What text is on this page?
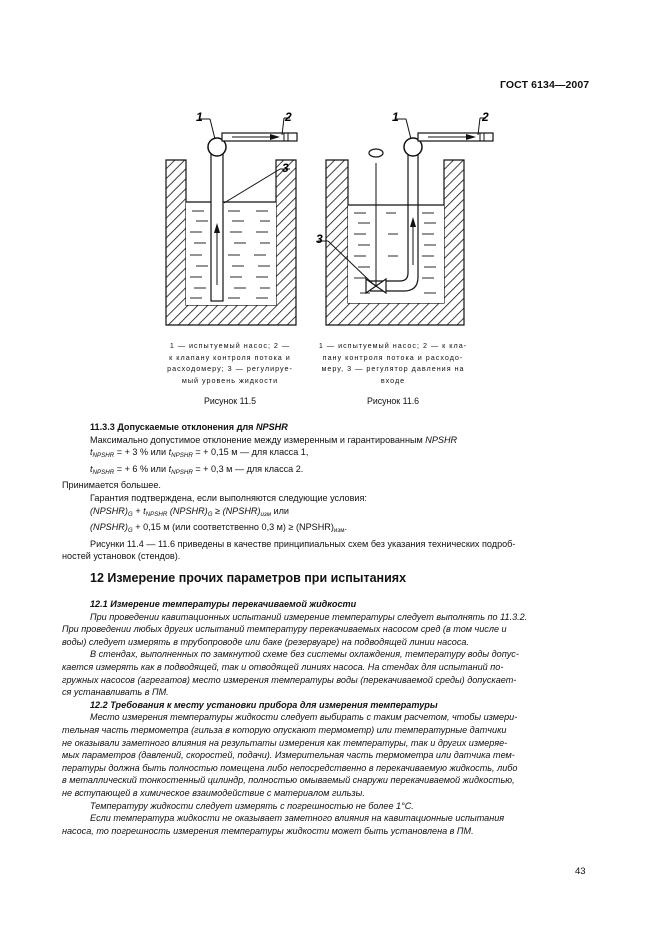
ГОСТ 6134—2007
1	2
3
1 — испытуемый насос; 2 —
к клапану контроля потока и
расходомеру; 3 — регулируе-
мый уровень жидкости
Рисунок 11.5
1	2
3
1 — испытуемый насос; 2 — к кла-
пану контроля потока и расходо-
меру, 3 — регулятор давления на
входе
Рисунок 11.6

11.3.3 Допускаемые отклонения для NPSHR

Максимально допустимое отклонение между измеренным и гарантированным NPSHR

$t_{NPSHR}$ = + 3 % или $t_{NPSHR}$ = + 0,15 м — для класса 1,

$t_{NPSHR}$ = + 6 % или $t_{NPSHR}$ = + 0,3 м — для класса 2.

Принимается большее.

Гарантия подтверждена, если выполняются следующие условия:

$(NPSHR)_G + t_{NPSHR}$ $(NPSHR)_G$ ≥ $(NPSHR)_{изм}$ или

$(NPSHR)_G + 0,15$ м (или соответственно 0,3 $м) \ge (NPSHR)_{изм}$.

Рисунки 11.4 — 11.6 приведены в качестве принципиальных схем без указания технических подроб-

ностей установок (стендов).

12 Измерение прочих параметров при испытаниях

12.1 Измерение температуры перекачиваемой жидкости

При проведении кавитационных испытаний измерение температуры следует выполнять по 11.3.2.

При проведении любых других испытаний температуру перекачиваемых насосом сред (в том числе и

воды) следует измерять в трубопроводе или баке (резервуаре) на подводящей линии насоса.

В стендах, выполненных по замкнутой схеме без системы охлаждения, температуру воды допус-

кается измерять как в подводящей, так и отводящей линиях насоса. На стендах для испытаний по-

гружных насосов (агрегатов) место измерения температуры воды (перекачиваемой среды) допускает-

ся устанавливать в ПМ.

12.2 Требования к месту установки прибора для измерения температуры

Место измерения температуры жидкости следует выбирать с таким расчетом, чтобы измери-

тельная часть термометра (гильза в которую опускают термометр) или температурные датчики

не оказывали заметного влияния на результаты измерения как температуры, так и других измеряе-

мых параметров (давлений, скоростей, подачи). Измерительная часть термометра или датчика тем-

пературы должна быть полностью помещена либо непосредственно в перекачиваемую жидкость, либо

в металлический тонкостенный цилиндр, полностью омываемый снаружи перекачиваемой жидкостью,

не вступающей в химическое взаимодействие с материалом гильзы.

Температуру жидкости следует измерять с погрешностью не более 1°С.

Если температура жидкости не оказывает заметного влияния на кавитационные испытания

насоса, то погрешность измерения температуры жидкости может быть установлена в ПМ.

43
